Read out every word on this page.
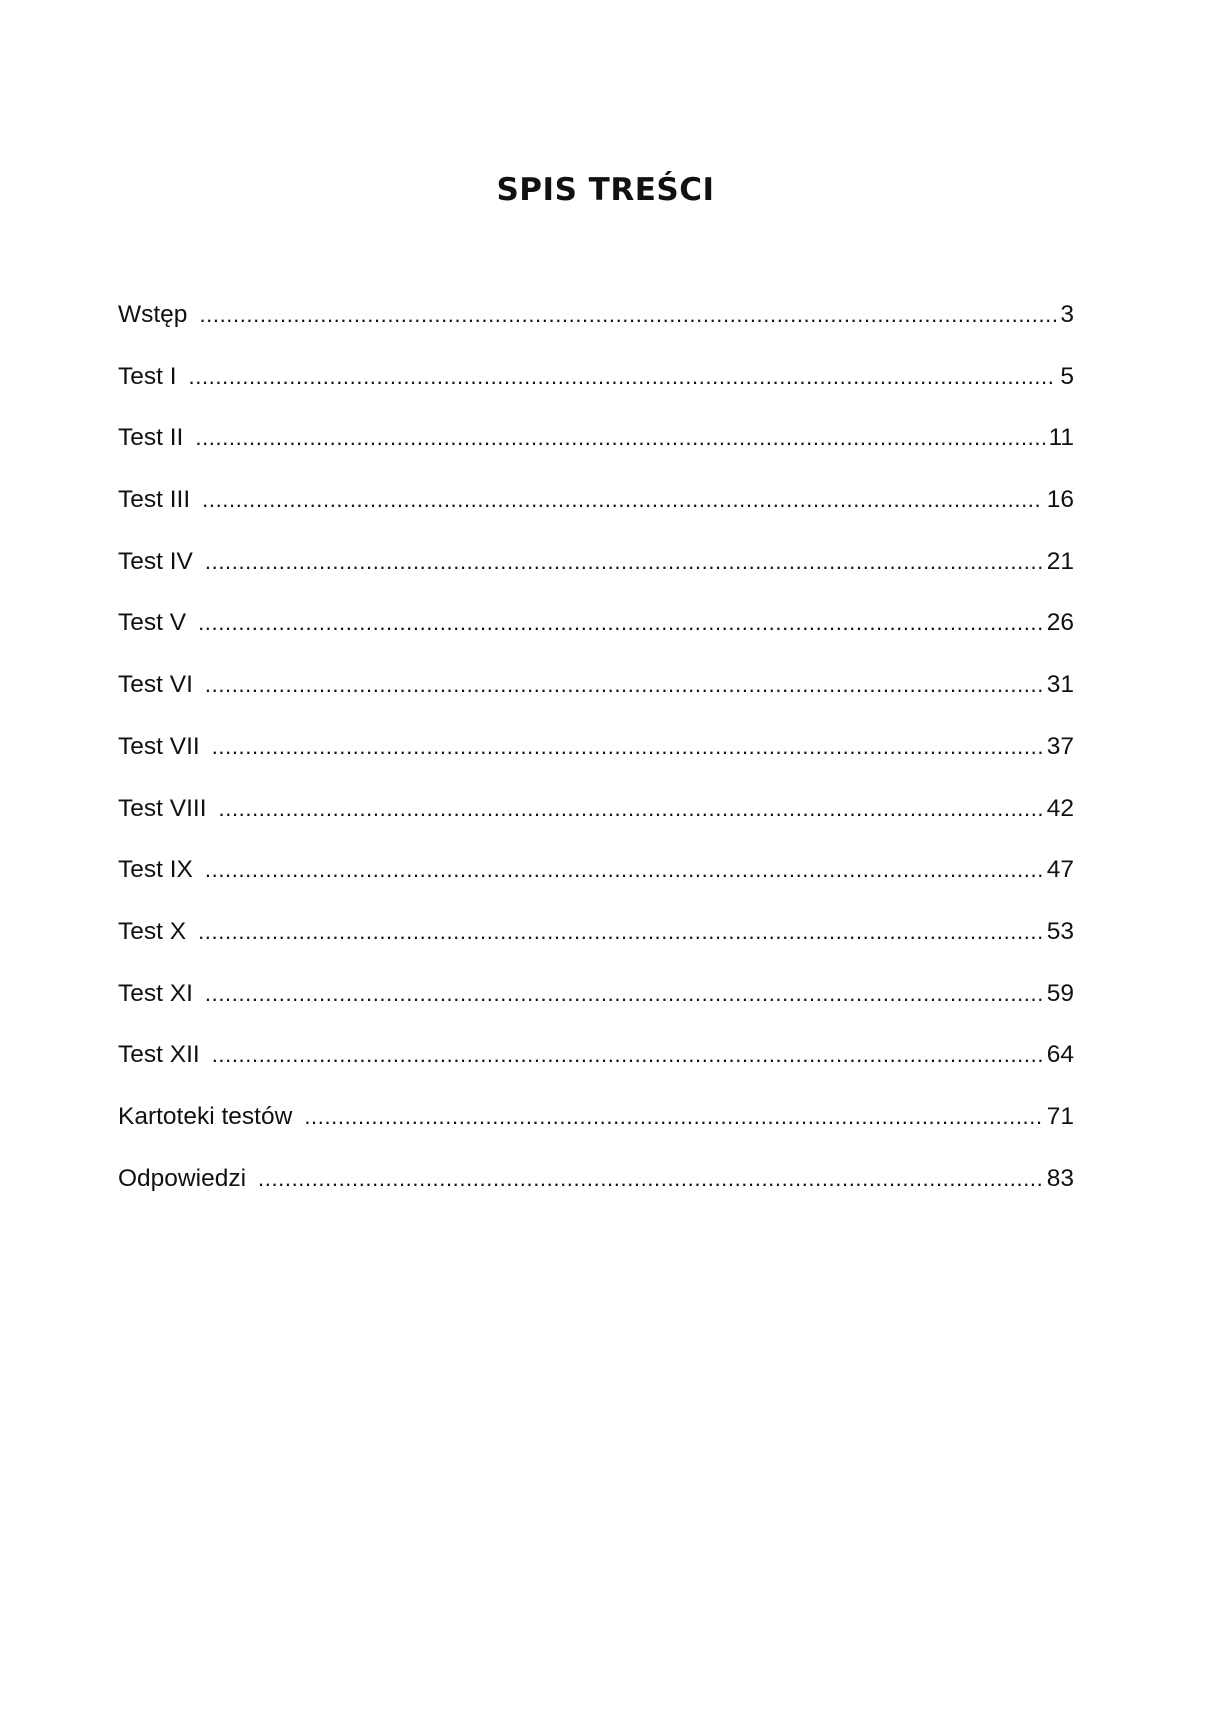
SPIS TREŚCI
Wstęp .....	3
Test I .....	5
Test II .....	11
Test III .....	16
Test IV .....	21
Test V .....	26
Test VI .....	31
Test VII .....	37
Test VIII .....	42
Test IX .....	47
Test X .....	53
Test XI .....	59
Test XII .....	64
Kartoteki testów .....	71
Odpowiedzi .....	83
